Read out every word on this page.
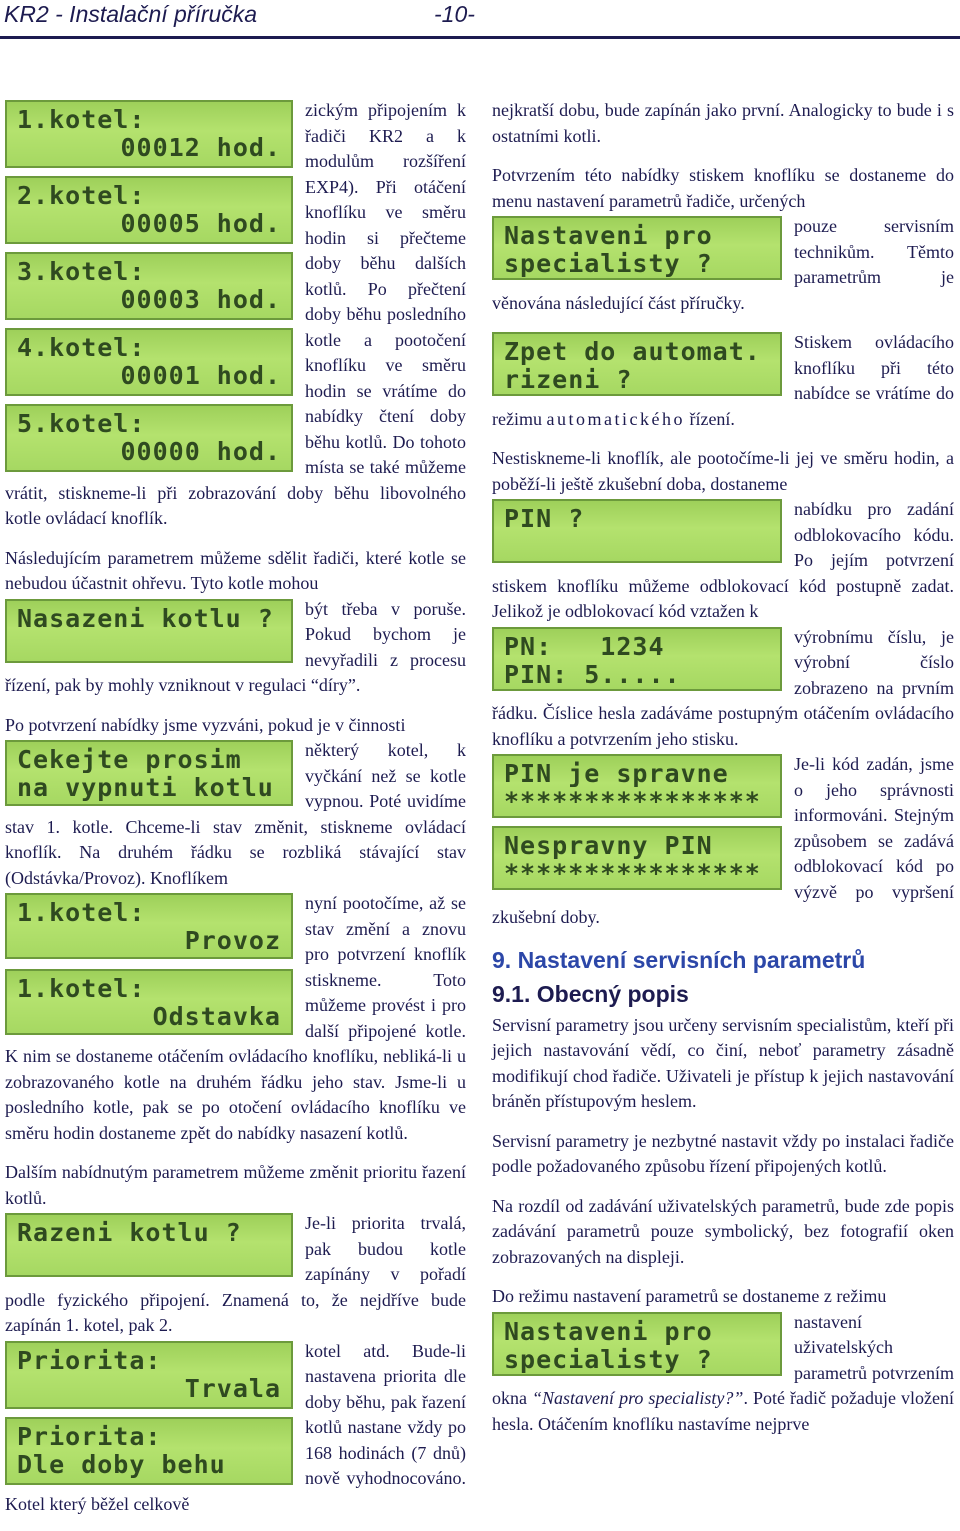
KR2 - Instalační příručka	-10-
1.kotel:
00012 hod.
2.kotel:
00005 hod.
3.kotel:
00003 hod.
4.kotel:
00001 hod.
5.kotel:
00000 hod.

zickým připojením k řadiči KR2 a k modulům rozšíření EXP4). Při otáčení knoflíku ve směru hodin si přečteme doby běhu dalších kotlů. Po přečtení doby běhu posledního kotle a pootočení knoflíku ve směru hodin se vrátíme do nabídky čtení doby běhu kotlů. Do tohoto místa se také můžeme vrátit, stiskneme-li při zobrazování doby běhu libovolného kotle ovládací knoflík.

Následujícím parametrem můžeme sdělit řadiči, které kotle se nebudou účastnit ohřevu. Tyto kotle mohou

Nasazeni kotlu ?	být třeba v poruše. Pokud bychom je nevyřadili z procesu řízení, pak by mohly vzniknout v regulaci “díry”.

Po potvrzení nabídky jsme vyzváni, pokud je v činnosti

Cekejte prosim
na vypnuti kotlu

některý kotel, k vyčkání než se kotle vypnou. Poté uvidíme stav 1. kotle. Chceme-li stav změnit, stiskneme ovládací knoflík. Na druhém řádku se rozbliká stávající stav (Odstávka/Provoz). Knoflíkem

1.kotel:
Provoz
1.kotel:
Odstavka

nyní pootočíme, až se stav změní a znovu pro potvrzení knoflík stiskneme. Toto můžeme provést i pro další připojené kotle. K nim se dostaneme otáčením ovládacího knoflíku, nebliká-li u zobrazovaného kotle na druhém řádku jeho stav. Jsme-li u posledního kotle, pak se po otočení ovládacího knoflíku ve směru hodin dostaneme zpět do nabídky nasazení kotlů.

Dalším nabídnutým parametrem můžeme změnit prioritu řazení kotlů.

Razeni kotlu ?	Je-li priorita trvalá, pak budou kotle zapínány v pořadí podle fyzického připojení. Znamená to, že nejdříve bude zapínán 1. kotel, pak 2.

Priorita:
Trvala
Priorita:
Dle doby behu

kotel atd. Bude-li nastavena priorita dle doby běhu, pak řazení kotlů nastane vždy po 168 hodinách (7 dnů) nově vyhodnocováno. Kotel který běžel celkově

nejkratší dobu, bude zapínán jako první. Analogicky to bude i s ostatními kotli.

Potvrzením této nabídky stiskem knoflíku se dostaneme do menu nastavení parametrů řadiče, určených

Nastaveni pro
specialisty ?

pouze servisním technikům. Těmto parametrům je věnována následující část příručky.

Zpet do automat.
rizeni ?

Stiskem ovládacího knoflíku při této nabídce se vrátíme do režimu automatického řízení.

Nestiskneme-li knoflík, ale pootočíme-li jej ve směru hodin, a poběží-li ještě zkušební doba, dostaneme

PIN ?	nabídku pro zadání odblokovacího kódu. Po jejím potvrzení stiskem knoflíku můžeme odblokovací kód postupně zadat. Jelikož je odblokovací kód vztažen k

PN:   1234
PIN: 5.....

výrobnímu číslu, je výrobní číslo zobrazeno na prvním řádku. Číslice hesla zadáváme postupným otáčením ovládacího knoflíku a potvrzením jeho stisku.

PIN je spravne
****************
Nespravny PIN
****************

Je-li kód zadán, jsme o jeho správnosti informováni. Stejným způsobem se zadává odblokovací kód po výzvě po vypršení zkušební doby.

9. Nastavení servisních parametrů
9.1. Obecný popis

Servisní parametry jsou určeny servisním specialistům, kteří při jejich nastavování vědí, co činí, neboť parametry zásadně modifikují chod řadiče. Uživateli je přístup k jejich nastavování bráněn přístupovým heslem.

Servisní parametry je nezbytné nastavit vždy po instalaci řadiče podle požadovaného způsobu řízení připojených kotlů.

Na rozdíl od zadávání uživatelských parametrů, bude zde popis zadávání parametrů pouze symbolický, bez fotografií oken zobrazovaných na displeji.

Do režimu nastavení parametrů se dostaneme z režimu

Nastaveni pro
specialisty ?

nastavení uživatelských parametrů potvrzením okna “Nastavení pro specialisty?”. Poté řadič požaduje vložení hesla. Otáčením knoflíku nastavíme nejprve
